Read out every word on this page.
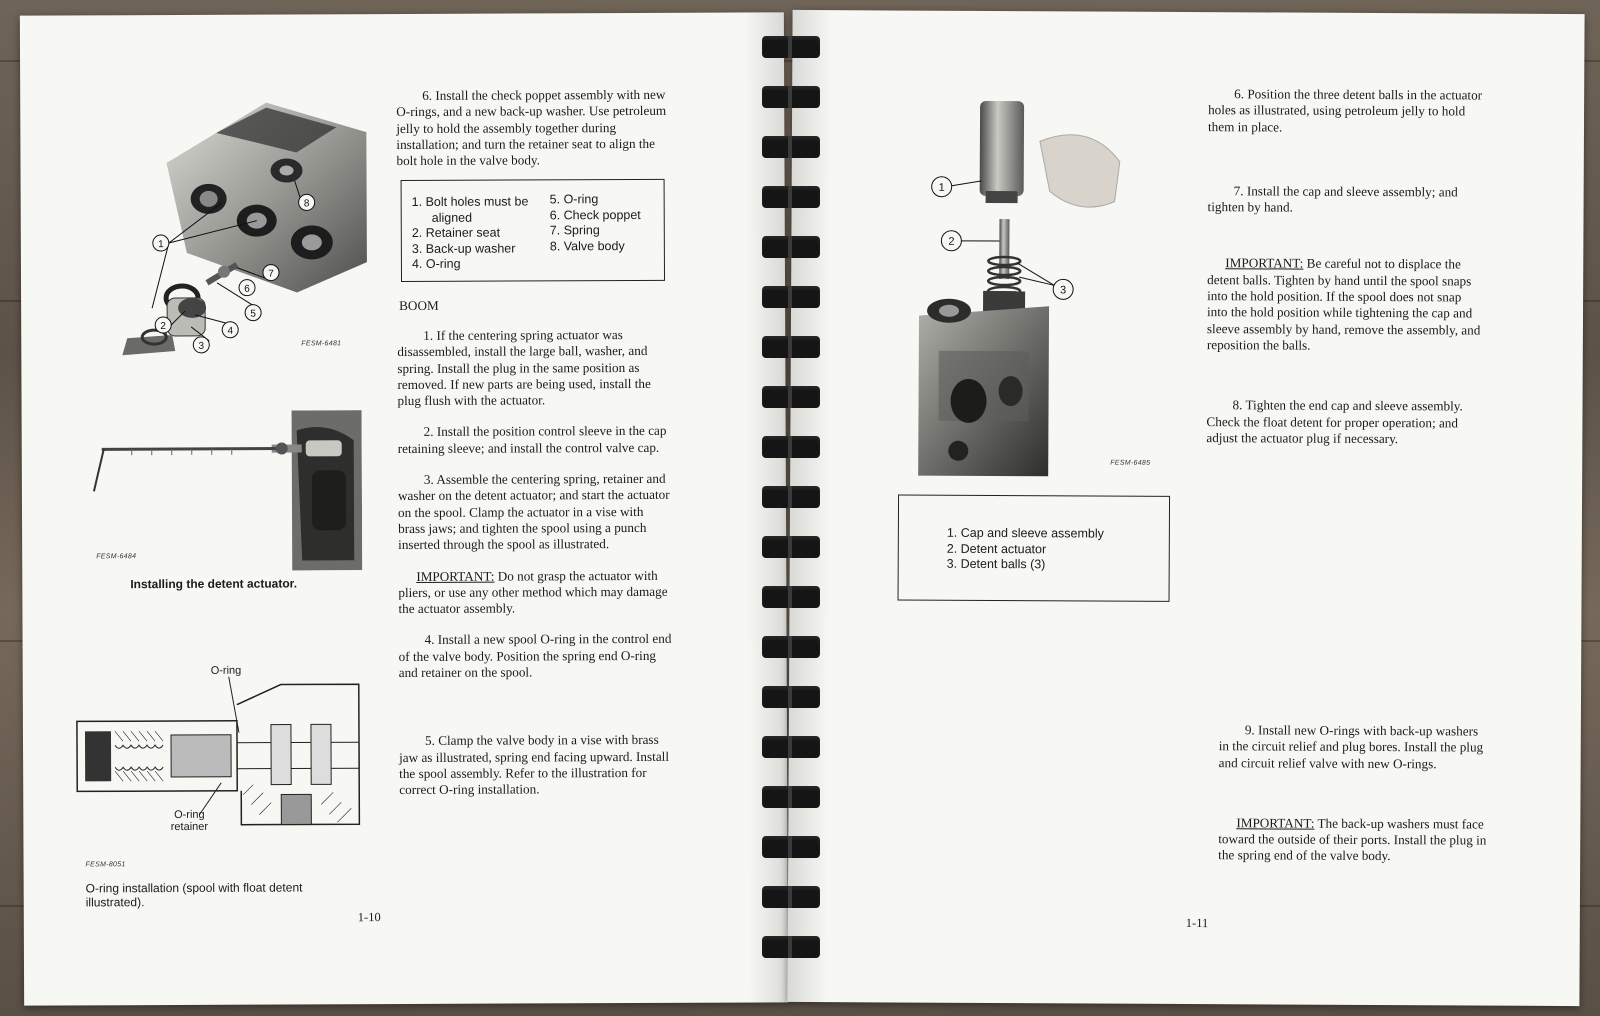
1
2
3
4
5
6
7
8
FESM-6481
FESM-6484
Installing the detent actuator.
O-ring
O-ring retainer
FESM-8051
O-ring installation (spool with float detent illustrated).

6. Install the check poppet assembly with new O-rings, and a new back-up washer. Use petroleum jelly to hold the assembly together during installation; and turn the retainer seat to align the bolt hole in the valve body.

1. Bolt holes must be
aligned
2. Retainer seat
3. Back-up washer
4. O-ring
5. O-ring
6. Check poppet
7. Spring
8. Valve body
BOOM

1. If the centering spring actuator was disassembled, install the large ball, washer, and spring. Install the plug in the same position as removed. If new parts are being used, install the plug flush with the actuator.

2. Install the position control sleeve in the cap retaining sleeve; and install the control valve cap.

3. Assemble the centering spring, retainer and washer on the detent actuator; and start the actuator on the spool. Clamp the actuator in a vise with brass jaws; and tighten the spool using a punch inserted through the spool as illustrated.

IMPORTANT: Do not grasp the actuator with pliers, or use any other method which may damage the actuator assembly.

4. Install a new spool O-ring in the control end of the valve body. Position the spring end O-ring and retainer on the spool.

5. Clamp the valve body in a vise with brass jaw as illustrated, spring end facing upward. Install the spool assembly. Refer to the illustration for correct O-ring installation.

1-10
1
2
3
FESM-6485
1. Cap and sleeve assembly
2. Detent actuator
3. Detent balls (3)

6. Position the three detent balls in the actuator holes as illustrated, using petroleum jelly to hold them in place.

7. Install the cap and sleeve assembly; and tighten by hand.

IMPORTANT: Be careful not to displace the detent balls. Tighten by hand until the spool snaps into the hold position. If the spool does not snap into the hold position while tightening the cap and sleeve assembly by hand, remove the assembly, and reposition the balls.

8. Tighten the end cap and sleeve assembly. Check the float detent for proper operation; and adjust the actuator plug if necessary.

9. Install new O-rings with back-up washers in the circuit relief and plug bores. Install the plug and circuit relief valve with new O-rings.

IMPORTANT: The back-up washers must face toward the outside of their ports. Install the plug in the spring end of the valve body.

1-11
